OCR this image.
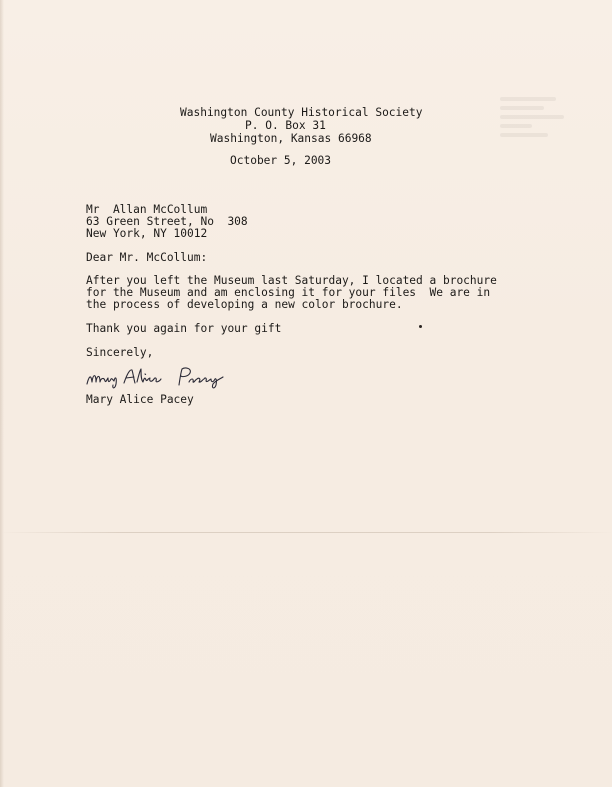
Washington County Historical Society

P. O. Box 31

Washington, Kansas 66968

October 5, 2003

Mr  Allan McCollum

63 Green Street, No  308

New York, NY 10012

Dear Mr. McCollum:

After you left the Museum last Saturday, I located a brochure

for the Museum and am enclosing it for your files  We are in

the process of developing a new color brochure.

Thank you again for your gift

Sincerely,

Mary Alice Pacey
